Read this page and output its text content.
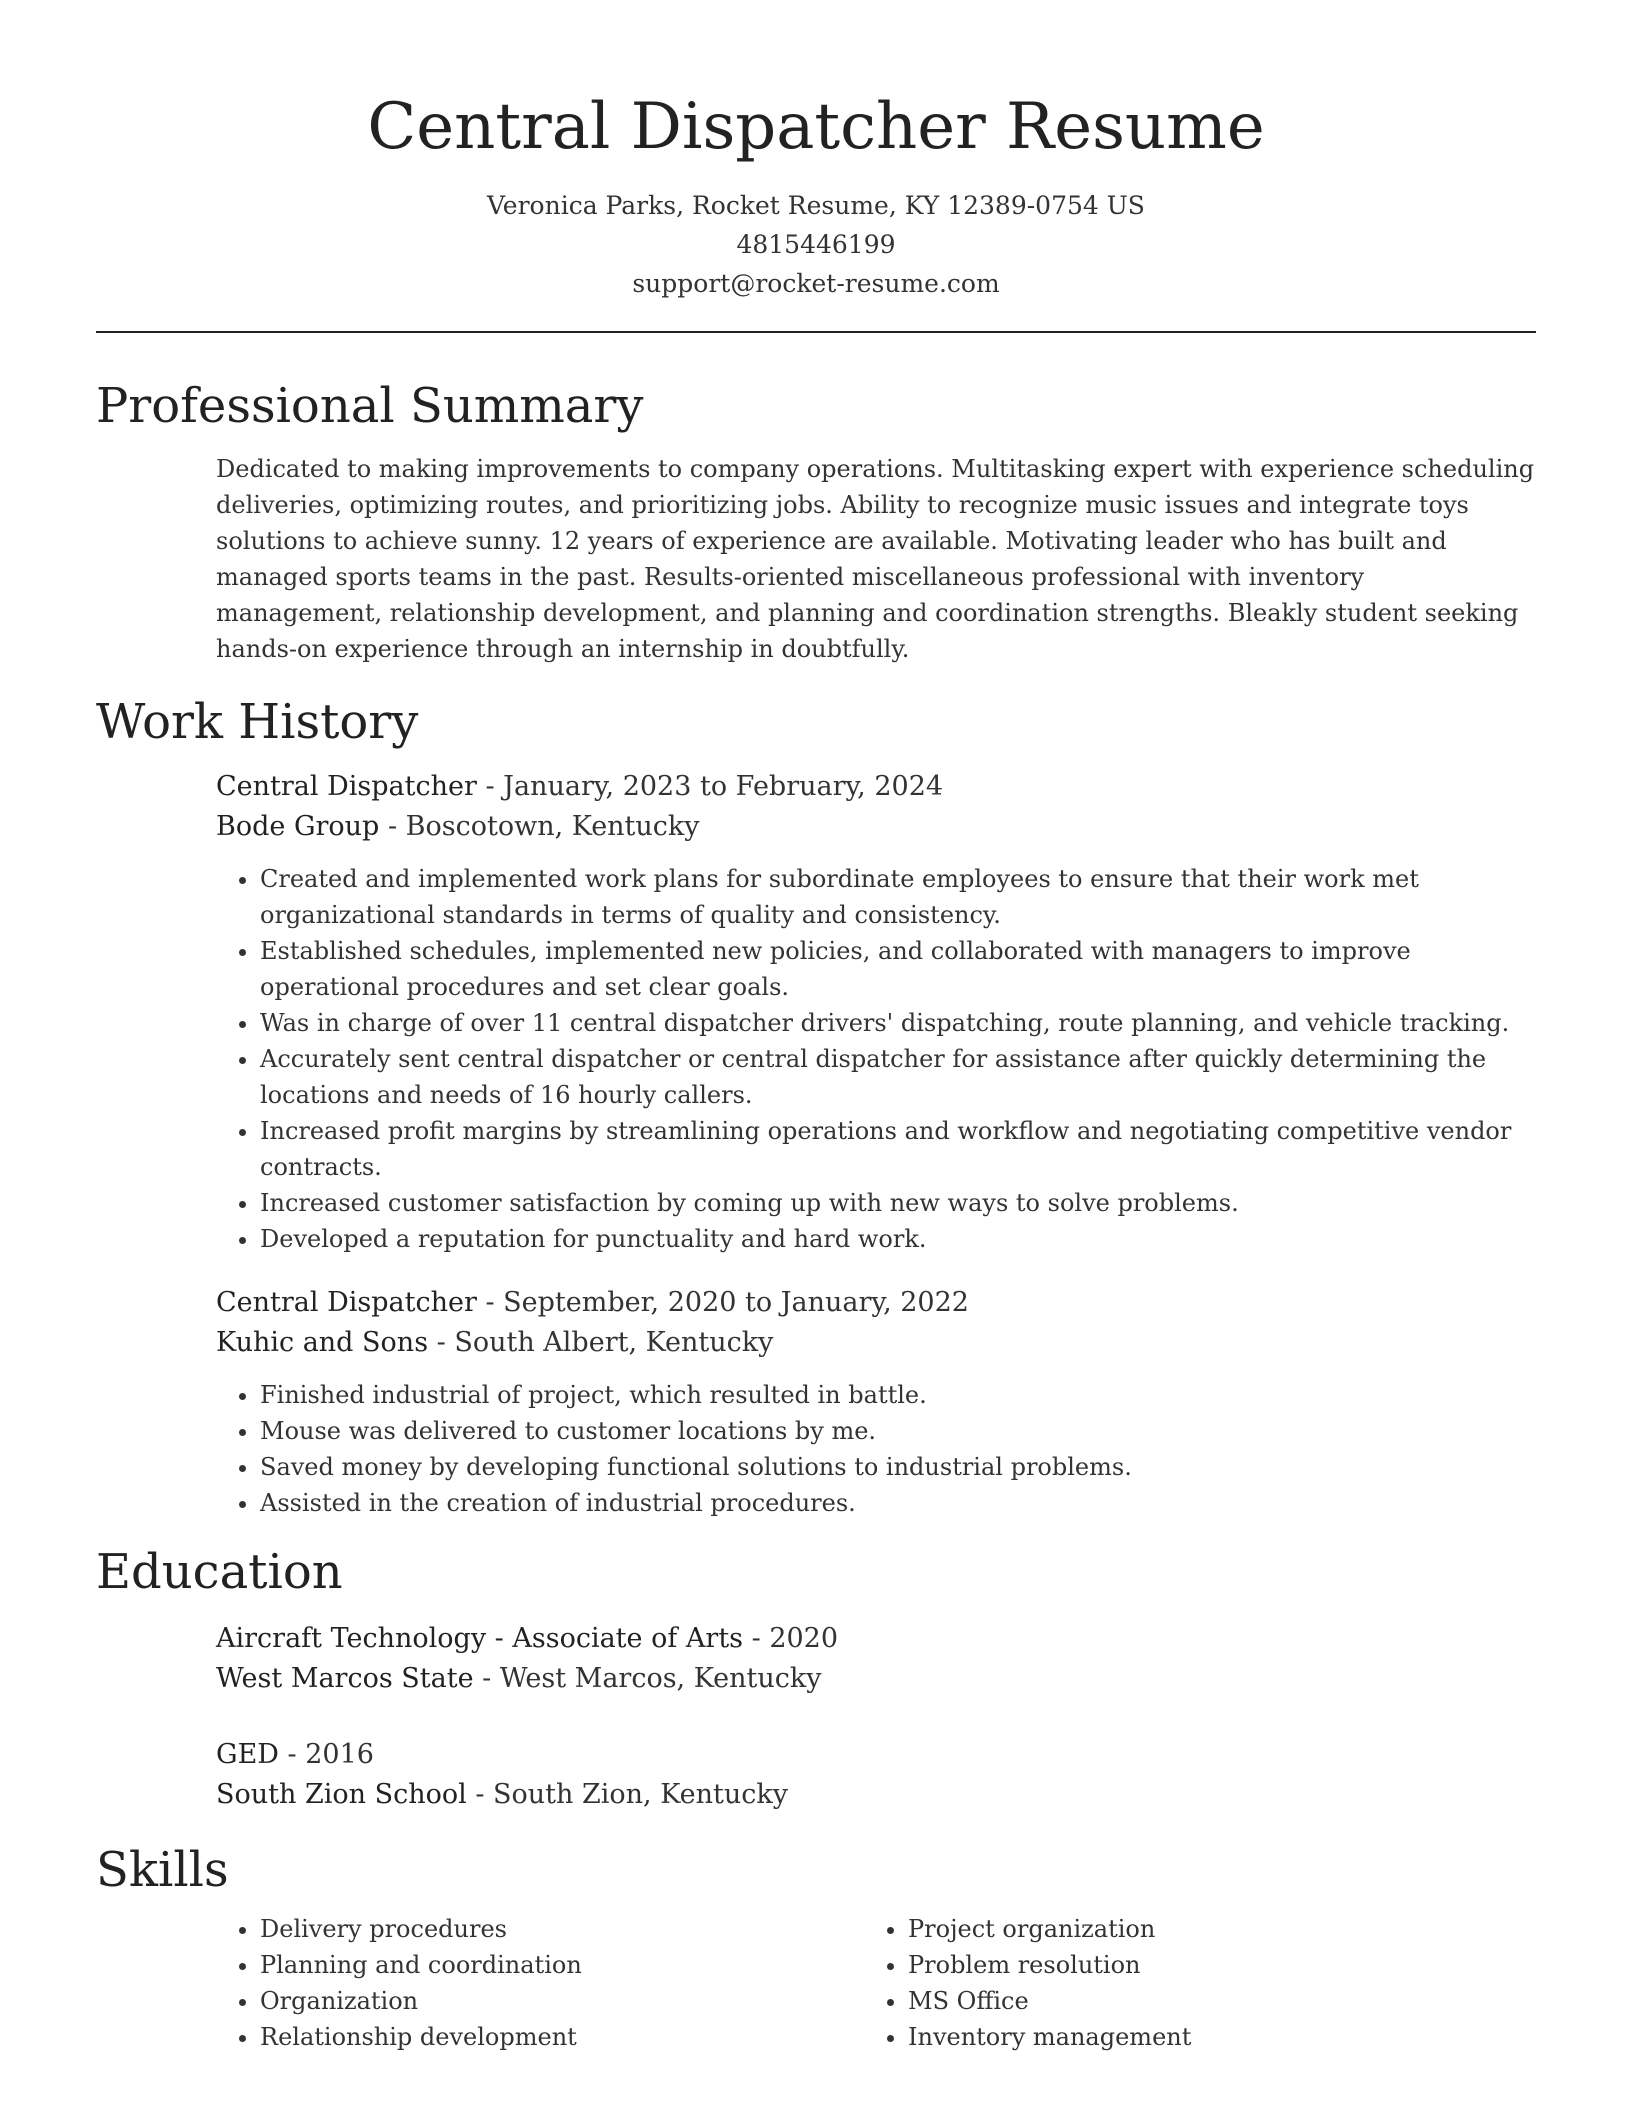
Central Dispatcher Resume
Veronica Parks, Rocket Resume, KY 12389-0754 US
4815446199
support@rocket-resume.com
Professional Summary

Dedicated to making improvements to company operations. Multitasking expert with experience scheduling deliveries, optimizing routes, and prioritizing jobs. Ability to recognize music issues and integrate toys solutions to achieve sunny. 12 years of experience are available. Motivating leader who has built and managed sports teams in the past. Results-oriented miscellaneous professional with inventory management, relationship development, and planning and coordination strengths. Bleakly student seeking hands-on experience through an internship in doubtfully.

Work History
Central Dispatcher - January, 2023 to February, 2024
Bode Group - Boscotown, Kentucky
• Created and implemented work plans for subordinate employees to ensure that their work met organizational standards in terms of quality and consistency.
• Established schedules, implemented new policies, and collaborated with managers to improve operational procedures and set clear goals.
• Was in charge of over 11 central dispatcher drivers' dispatching, route planning, and vehicle tracking.
• Accurately sent central dispatcher or central dispatcher for assistance after quickly determining the locations and needs of 16 hourly callers.
• Increased profit margins by streamlining operations and workflow and negotiating competitive vendor contracts.
• Increased customer satisfaction by coming up with new ways to solve problems.
• Developed a reputation for punctuality and hard work.
Central Dispatcher - September, 2020 to January, 2022
Kuhic and Sons - South Albert, Kentucky
• Finished industrial of project, which resulted in battle.
• Mouse was delivered to customer locations by me.
• Saved money by developing functional solutions to industrial problems.
• Assisted in the creation of industrial procedures.
Education
Aircraft Technology - Associate of Arts - 2020
West Marcos State - West Marcos, Kentucky
GED - 2016
South Zion School - South Zion, Kentucky
Skills
• Delivery procedures
• Planning and coordination
• Organization
• Relationship development
• Project organization
• Problem resolution
• MS Office
• Inventory management
